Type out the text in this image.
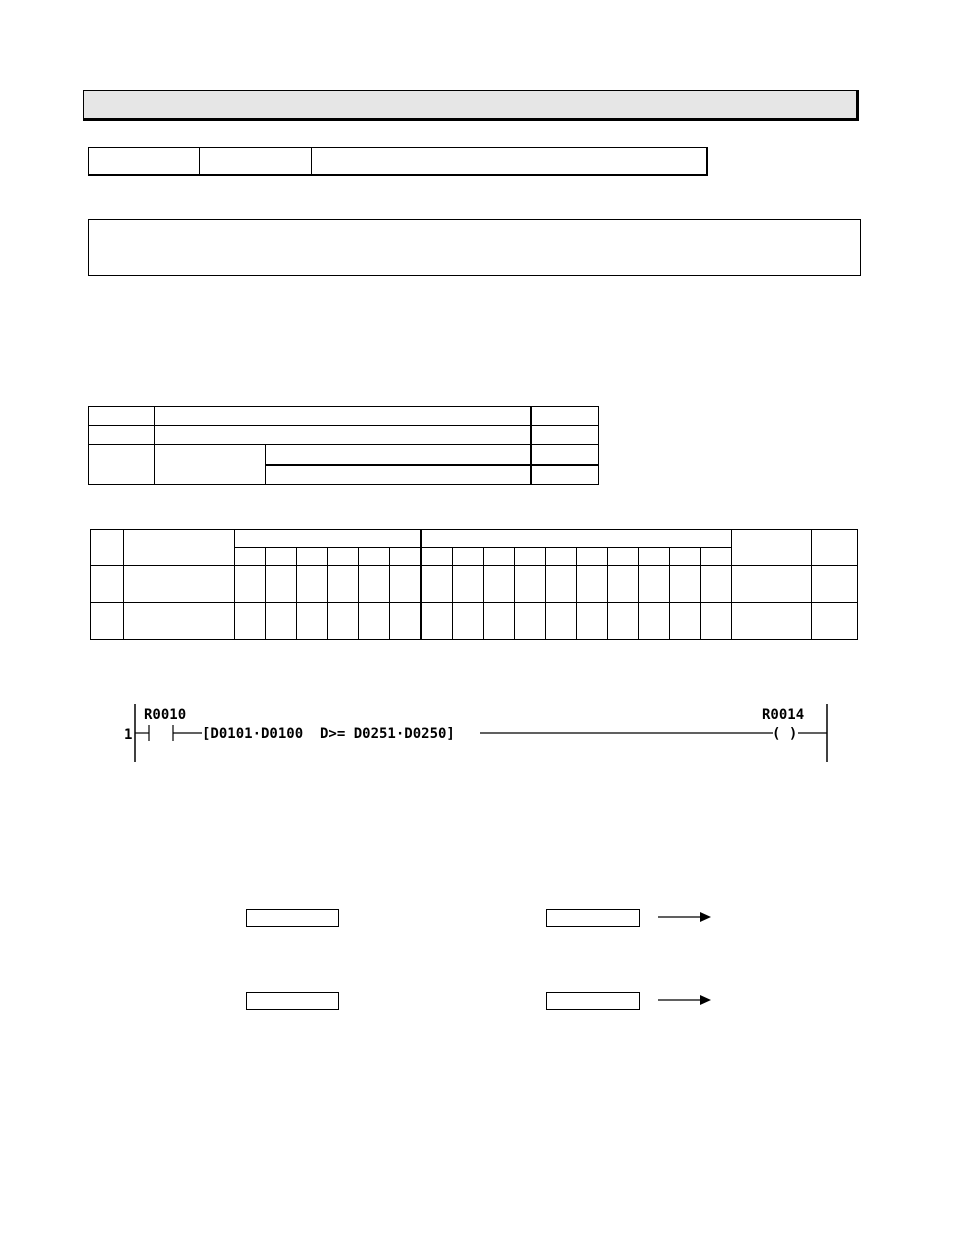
1
R0010
[D0101·D0100  D>= D0251·D0250]	( )
R0014
